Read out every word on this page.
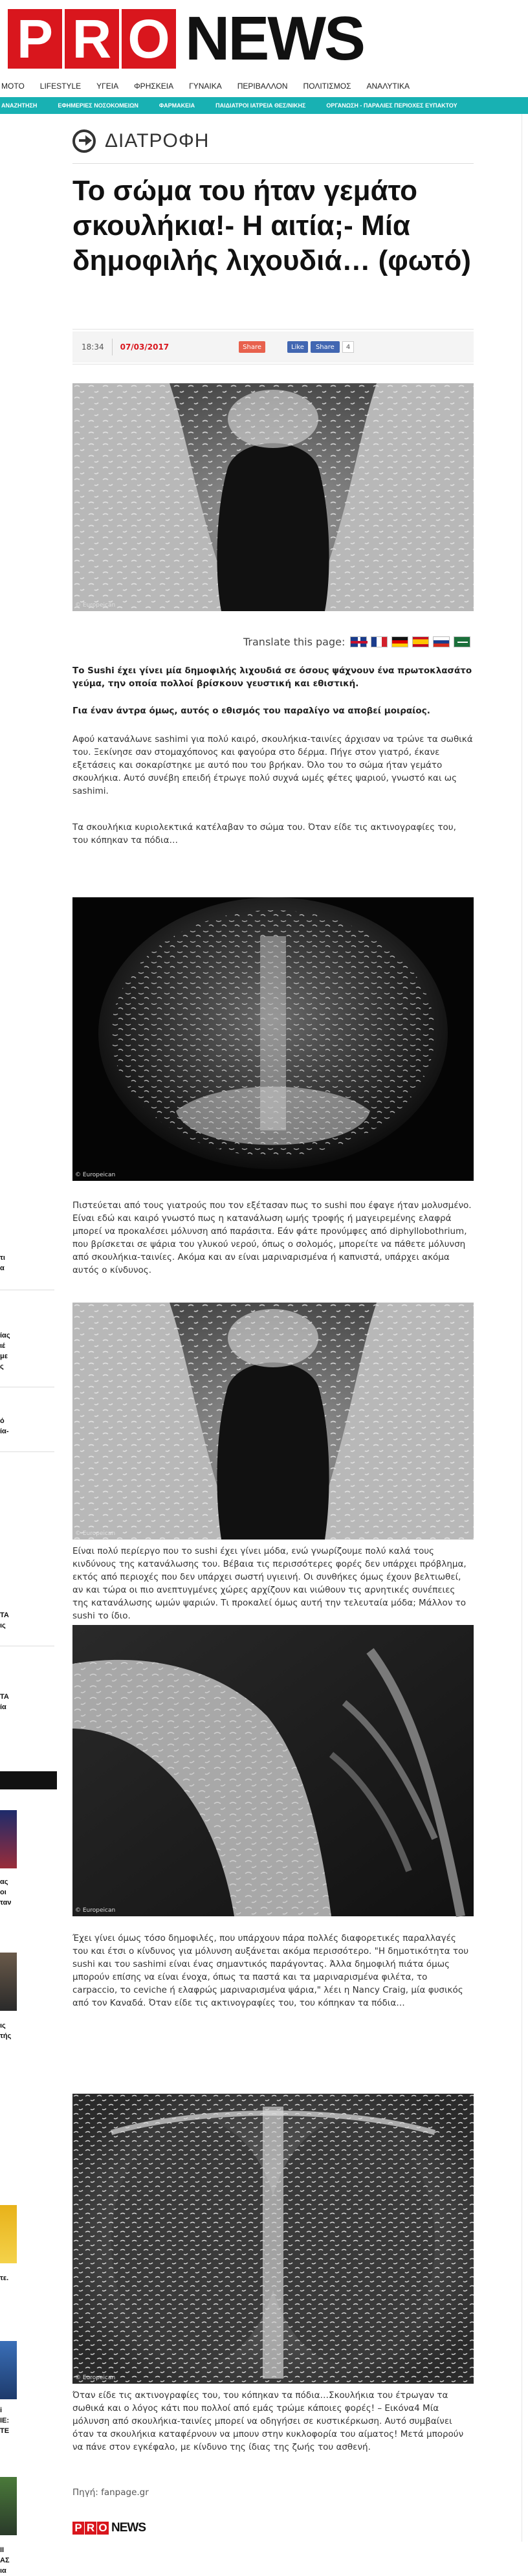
P R O NEWS
ΜΟΤΟ	LIFESTYLE	ΥΓΕΙΑ	ΦΡΗΣΚΕΙΑ	ΓΥΝΑΙΚΑ	ΠΕΡΙΒΑΛΛΟΝ	ΠΟΛΙΤΙΣΜΟΣ	ΑΝΑΛΥΤΙΚΑ
ΑΝΑΖΗΤΗΣΗ	ΕΦΗΜΕΡΙΕΣ ΝΟΣΟΚΟΜΕΙΩΝ	ΦΑΡΜΑΚΕΙΑ	ΠΑΙΔΙΑΤΡΟΙ ΙΑΤΡΕΙΑ ΘΕΣ/ΝΙΚΗΣ	ΟΡΓΑΝΩΣΗ - ΠΑΡΑΛΙΕΣ ΠΕΡΙΟΧΕΣ ΕΥΠΑΚΤΟΥ
τι
α
ίας
ιέ
με
ς
ό
ία-
ΤΑ
ις
ΤΑ
ία
ας
οι
ταν
ις
τής
τε.
i
ΙΕ:
ΤΕ
ΙΙ
ΑΣ
ια
ΔΙΑΤΡΟΦΗ
Το σώμα του ήταν γεμάτο σκουλήκια!- Η αιτία;- Μία δημοφιλής λιχουδιά… (φωτό)
18:34 07/03/2017	Share	Like Share	4
© Europeican
Translate this page:

Το Sushi έχει γίνει μία δημοφιλής λιχουδιά σε όσους ψάχνουν ένα πρωτοκλασάτο γεύμα, την οποία πολλοί βρίσκουν γευστική και εθιστική.

Για έναν άντρα όμως, αυτός ο εθισμός του παραλίγο να αποβεί μοιραίος.

Αφού κατανάλωνε sashimi για πολύ καιρό, σκουλήκια-ταινίες άρχισαν να τρώνε τα σωθικά του. Ξεκίνησε σαν στομαχόπονος και φαγούρα στο δέρμα. Πήγε στον γιατρό, έκανε εξετάσεις και σοκαρίστηκε με αυτό που του βρήκαν. Όλο του το σώμα ήταν γεμάτο σκουλήκια. Αυτό συνέβη επειδή έτρωγε πολύ συχνά ωμές φέτες ψαριού, γνωστό και ως sashimi.

Τα σκουλήκια κυριολεκτικά κατέλαβαν το σώμα του. Όταν είδε τις ακτινογραφίες του, του κόπηκαν τα πόδια…

© Europeican

Πιστεύεται από τους γιατρούς που τον εξέτασαν πως το sushi που έφαγε ήταν μολυσμένο. Είναι εδώ και καιρό γνωστό πως η κατανάλωση ωμής τροφής ή μαγειρεμένης ελαφρά μπορεί να προκαλέσει μόλυνση από παράσιτα. Εάν φάτε προνύμφες από diphyllobothrium, που βρίσκεται σε ψάρια του γλυκού νερού, όπως ο σολομός, μπορείτε να πάθετε μόλυνση από σκουλήκια-ταινίες. Ακόμα και αν είναι μαριναρισμένα ή καπνιστά, υπάρχει ακόμα αυτός ο κίνδυνος.

© Europeican

Είναι πολύ περίεργο που το sushi έχει γίνει μόδα, ενώ γνωρίζουμε πολύ καλά τους κινδύνους της κατανάλωσης του. Βέβαια τις περισσότερες φορές δεν υπάρχει πρόβλημα, εκτός από περιοχές που δεν υπάρχει σωστή υγιεινή. Οι συνθήκες όμως έχουν βελτιωθεί, αν και τώρα οι πιο ανεπτυγμένες χώρες αρχίζουν και νιώθουν τις αρνητικές συνέπειες της κατανάλωσης ωμών ψαριών. Τι προκαλεί όμως αυτή την τελευταία μόδα; Μάλλον το sushi το ίδιο.

© Europeican

Έχει γίνει όμως τόσο δημοφιλές, που υπάρχουν πάρα πολλές διαφορετικές παραλλαγές του και έτσι ο κίνδυνος για μόλυνση αυξάνεται ακόμα περισσότερο. "Η δημοτικότητα του sushi και του sashimi είναι ένας σημαντικός παράγοντας. Άλλα δημοφιλή πιάτα όμως μπορούν επίσης να είναι ένοχα, όπως τα παστά και τα μαριναρισμένα φιλέτα, το carpaccio, το ceviche ή ελαφρώς μαριναρισμένα ψάρια," λέει η Nancy Craig, μία φυσικός από τον Καναδά. Όταν είδε τις ακτινογραφίες του, του κόπηκαν τα πόδια…

© Europeican

Όταν είδε τις ακτινογραφίες του, του κόπηκαν τα πόδια…Σκουλήκια του έτρωγαν τα σωθικά και ο λόγος κάτι που πολλοί από εμάς τρώμε κάποιες φορές! – Εικόνα4 Μία μόλυνση από σκουλήκια-ταινίες μπορεί να οδηγήσει σε κυστικέρκωση. Αυτό συμβαίνει όταν τα σκουλήκια καταφέρνουν να μπουν στην κυκλοφορία του αίματος! Μετά μπορούν να πάνε στον εγκέφαλο, με κίνδυνο της ίδιας της ζωής του ασθενή.

Πηγή: fanpage.gr

P R O NEWS
